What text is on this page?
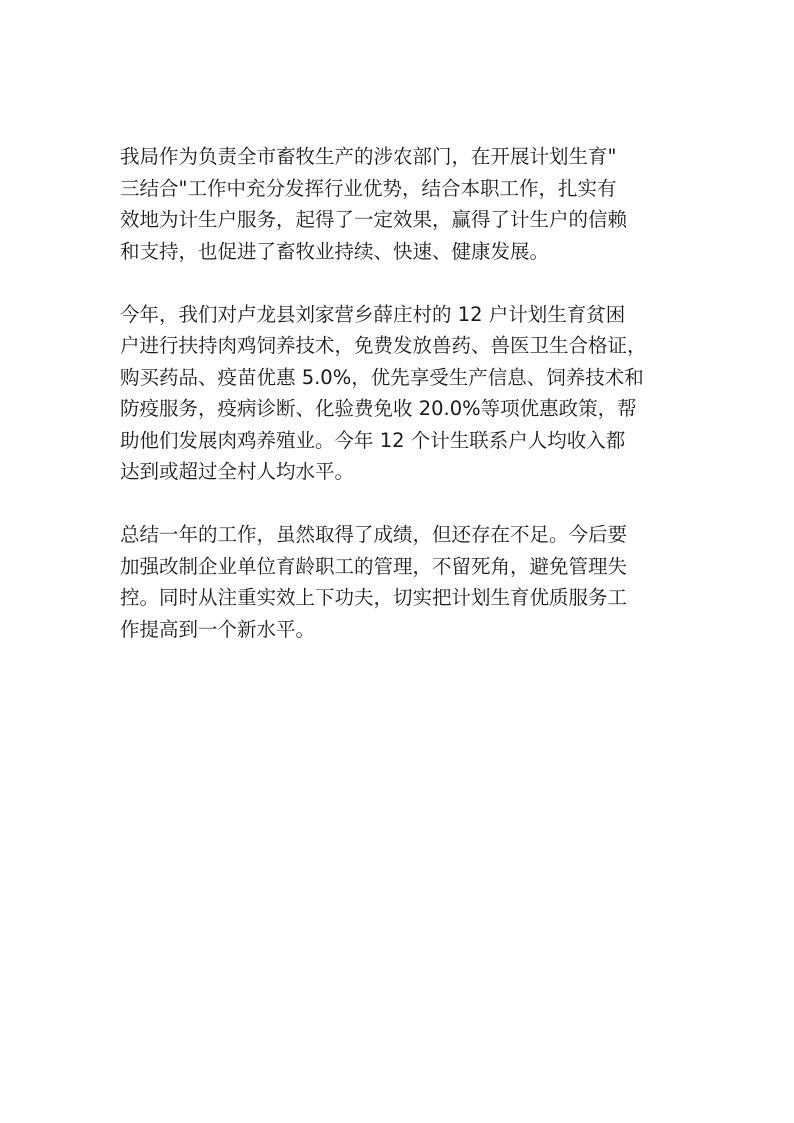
我局作为负责全市畜牧生产的涉农部门，在开展计划生育"
三结合"工作中充分发挥行业优势，结合本职工作，扎实有
效地为计生户服务，起得了一定效果，赢得了计生户的信赖
和支持，也促进了畜牧业持续、快速、健康发展。

今年，我们对卢龙县刘家营乡薛庄村的 12 户计划生育贫困
户进行扶持肉鸡饲养技术，免费发放兽药、兽医卫生合格证，
购买药品、疫苗优惠 5.0%，优先享受生产信息、饲养技术和
防疫服务，疫病诊断、化验费免收 20.0%等项优惠政策，帮
助他们发展肉鸡养殖业。今年 12 个计生联系户人均收入都
达到或超过全村人均水平。

总结一年的工作，虽然取得了成绩，但还存在不足。今后要
加强改制企业单位育龄职工的管理，不留死角，避免管理失
控。同时从注重实效上下功夫，切实把计划生育优质服务工
作提高到一个新水平。
